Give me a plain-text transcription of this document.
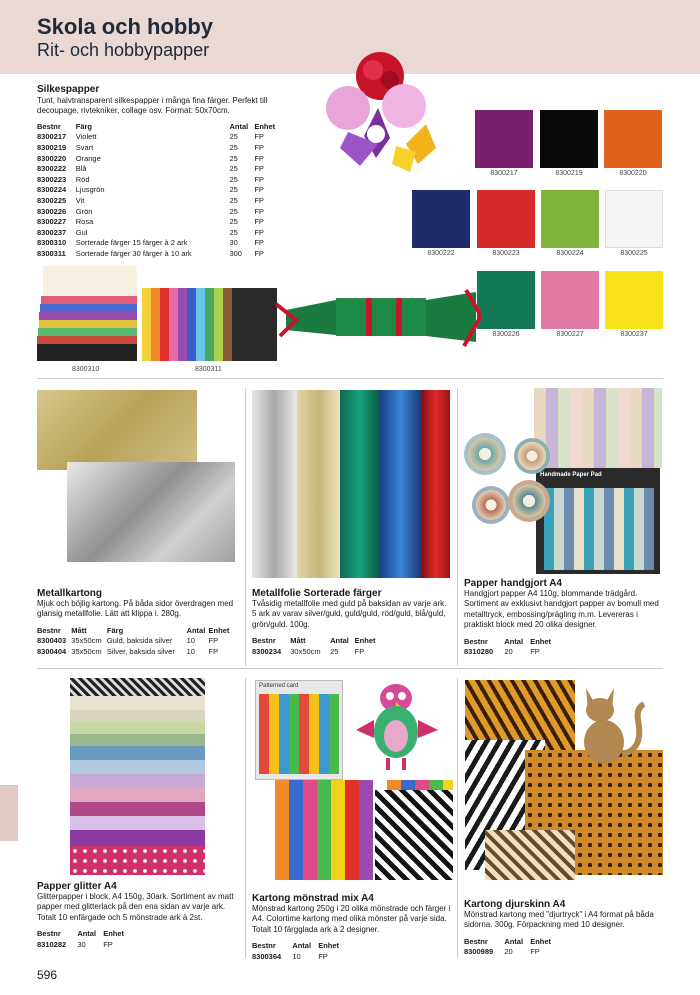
Skola och hobby
Rit- och hobbypapper
Silkespapper
Tunt, halvtransparent silkespapper i många fina färger. Perfekt till decoupage, rivtekniker, collage osv. Format: 50x70cm.
Bestnr	Färg	Antal	Enhet
8300217	Violett	25	FP
8300219	Svart	25	FP
8300220	Orange	25	FP
8300222	Blå	25	FP
8300223	Röd	25	FP
8300224	Ljusgrön	25	FP
8300225	Vit	25	FP
8300226	Grön	25	FP
8300227	Rosa	25	FP
8300237	Gul	25	FP
8300310	Sorterade färger 15 färger à 2 ark	30	FP
8300311	Sorterade färger 30 färger à 10 ark	300	FP
8300217	8300219	8300220
8300222	8300223	8300224	8300225
8300226	8300227	8300237
8300310	8300311
Metallkartong
Mjuk och böjlig kartong. På båda sidor överdragen med glansig metallfolie. Lätt att klippa i. 280g.
Bestnr	Mått	Färg	Antal	Enhet
8300403	35x50cm	Guld, baksida silver	10	FP
8300404	35x50cm	Silver, baksida silver	10	FP
Metallfolie Sorterade färger
Tvåsidig metallfolie med guld på baksidan av varje ark. 5 ark av varav silver/guld, guld/guld, röd/guld, blå/guld, grön/guld. 100g.
Bestnr	Mått	Antal	Enhet
8300234	30x50cm	25	FP
Handmade Paper Pad
Papper handgjort A4
Handgjort papper A4 110g, blommande trädgård. Sortiment av exklusivt handgjort papper av bomull med metalltryck, embossing/prägling m.m. Levereras i praktiskt block med 20 olika designer.
Bestnr	Antal	Enhet
8310280	20	FP
Papper glitter A4
Glitterpapper i block, A4 150g, 30ark. Sortiment av matt papper med glitterlack på den ena sidan av varje ark. Totalt 10 enfärgade och 5 mönstrade ark à 2st.
Bestnr	Antal	Enhet
8310282	30	FP
Patterned card
Kartong mönstrad mix A4
Mönstrad kartong 250g i 20 olika mönstrade och färger i A4. Colortime kartong med olika mönster på varje sida. Totalt 10 färgglada ark à 2 designer.
Bestnr	Antal	Enhet
8300364	10	FP
Kartong djurskinn A4
Mönstrad kartong med "djurtryck" i A4 format på båda sidorna. 300g. Förpackning med 10 designer.
Bestnr	Antal	Enhet
8300989	20	FP
596
